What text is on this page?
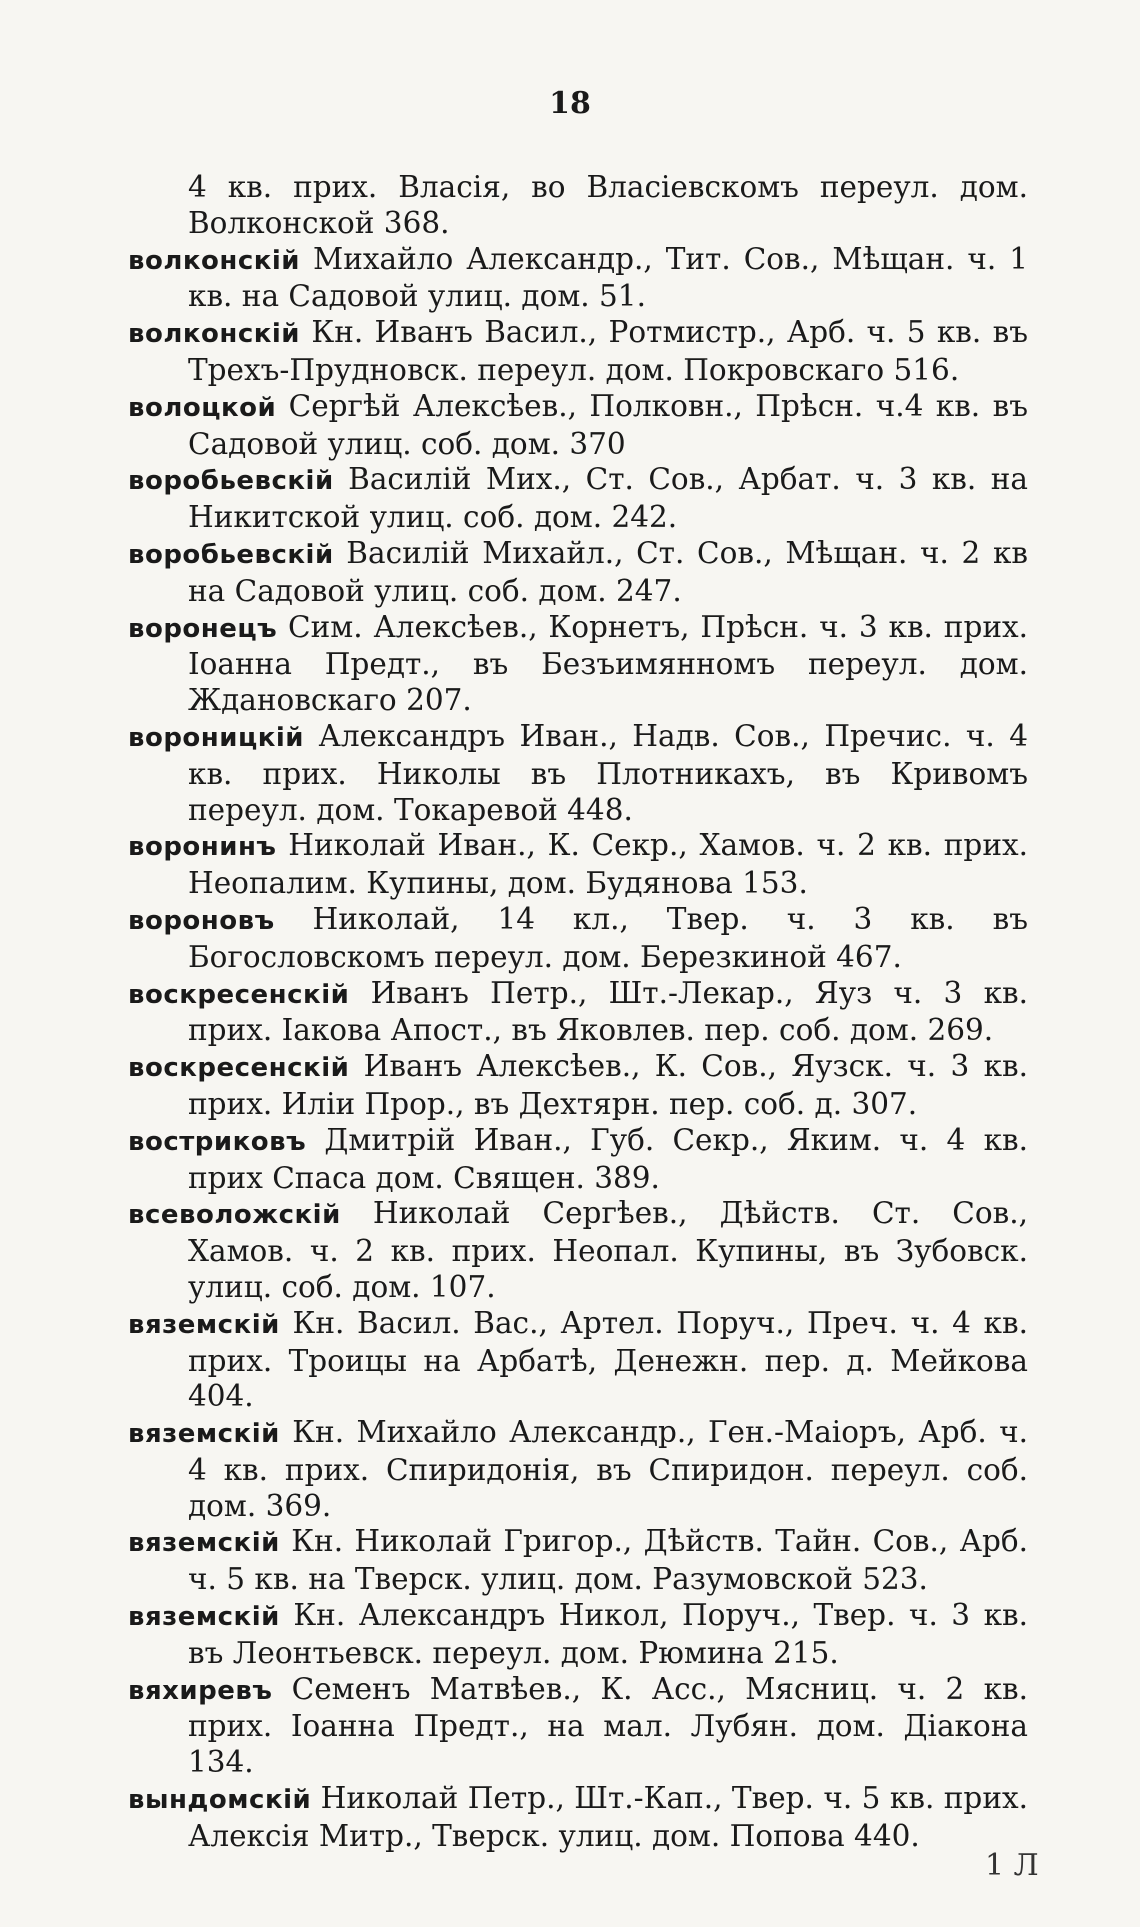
18
4 кв. прих. Власія, во Власіевскомъ переул. дом. Волконской 368.
волконскій Михайло Александр., Тит. Сов., Мѣщан. ч. 1 кв. на Садовой улиц. дом. 51.
волконскій Кн. Иванъ Васил., Ротмистр., Арб. ч. 5 кв. въ Трехъ-Прудновск. переул. дом. Покровскаго 516.
волоцкой Сергѣй Алексѣев., Полковн., Прѣсн. ч.4 кв. въ Садовой улиц. соб. дом. 370
воробьевскій Василій Мих., Ст. Сов., Арбат. ч. 3 кв. на Никитской улиц. соб. дом. 242.
воробьевскій Василій Михайл., Ст. Сов., Мѣщан. ч. 2 кв на Садовой улиц. соб. дом. 247.
воронецъ Сим. Алексѣев., Корнетъ, Прѣсн. ч. 3 кв. прих. Іоанна Предт., въ Безъимянномъ переул. дом. Ждановскаго 207.
вороницкій Александръ Иван., Надв. Сов., Пречис. ч. 4 кв. прих. Николы въ Плотникахъ, въ Кривомъ переул. дом. Токаревой 448.
воронинъ Николай Иван., К. Секр., Хамов. ч. 2 кв. прих. Неопалим. Купины, дом. Будянова 153.
вороновъ Николай, 14 кл., Твер. ч. 3 кв. въ Богословскомъ переул. дом. Березкиной 467.
воскресенскій Иванъ Петр., Шт.-Лекар., Яуз ч. 3 кв. прих. Іакова Апост., въ Яковлев. пер. соб. дом. 269.
воскресенскій Иванъ Алексѣев., К. Сов., Яузск. ч. 3 кв. прих. Иліи Прор., въ Дехтярн. пер. соб. д. 307.
востриковъ Дмитрій Иван., Губ. Секр., Яким. ч. 4 кв. прих Спаса дом. Священ. 389.
всеволожскій Николай Сергѣев., Дѣйств. Ст. Сов., Хамов. ч. 2 кв. прих. Неопал. Купины, въ Зубовск. улиц. соб. дом. 107.
вяземскій Кн. Васил. Вас., Артел. Поруч., Преч. ч. 4 кв. прих. Троицы на Арбатѣ, Денежн. пер. д. Мейкова 404.
вяземскій Кн. Михайло Александр., Ген.-Маіоръ, Арб. ч. 4 кв. прих. Спиридонія, въ Спиридон. переул. соб. дом. 369.
вяземскій Кн. Николай Григор., Дѣйств. Тайн. Сов., Арб. ч. 5 кв. на Тверск. улиц. дом. Разумовской 523.
вяземскій Кн. Александръ Никол, Поруч., Твер. ч. 3 кв. въ Леонтьевск. переул. дом. Рюмина 215.
вяхиревъ Семенъ Матвѣев., К. Асс., Мясниц. ч. 2 кв. прих. Іоанна Предт., на мал. Лубян. дом. Діакона 134.
вындомскій Николай Петр., Шт.-Кап., Твер. ч. 5 кв. прих. Алексія Митр., Тверск. улиц. дом. Попова 440.
1 Л
